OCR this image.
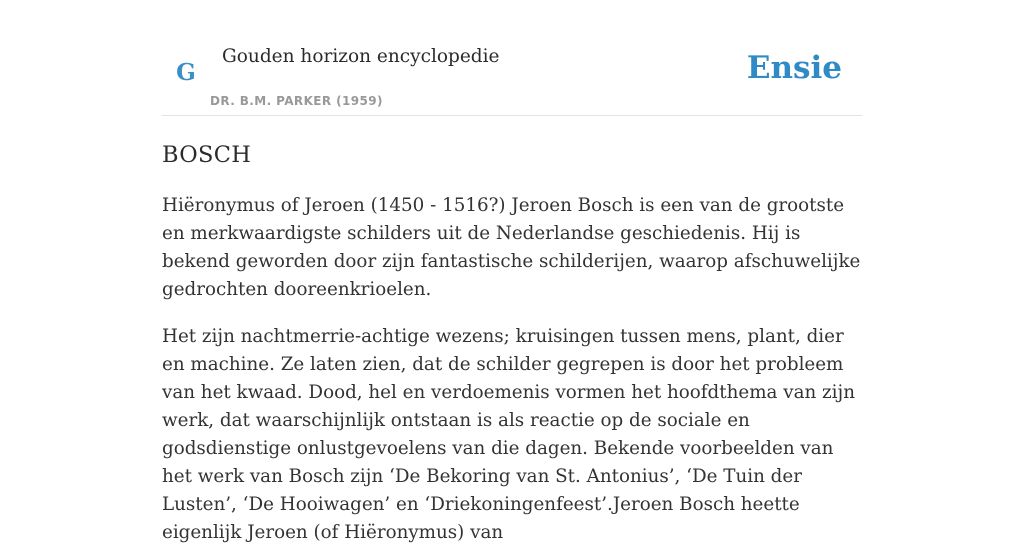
G
Gouden horizon encyclopedie
DR. B.M. PARKER (1959)
Ensie
BOSCH

Hiëronymus of Jeroen (1450 - 1516?) Jeroen Bosch is een van de grootste en merkwaardigste schilders uit de Nederlandse geschiedenis. Hij is bekend geworden door zijn fantastische schilderijen, waarop afschuwelijke gedrochten dooreenkrioelen.

Het zijn nachtmerrie-achtige wezens; kruisingen tussen mens, plant, dier en machine. Ze laten zien, dat de schilder gegrepen is door het probleem van het kwaad. Dood, hel en verdoemenis vormen het hoofdthema van zijn werk, dat waarschijnlijk ontstaan is als reactie op de sociale en godsdienstige onlustgevoelens van die dagen. Bekende voorbeelden van het werk van Bosch zijn ‘De Bekoring van St. Antonius’, ‘De Tuin der Lusten’, ‘De Hooiwagen’ en ‘Driekoningenfeest’.Jeroen Bosch heette eigenlijk Jeroen (of Hiëronymus) van
